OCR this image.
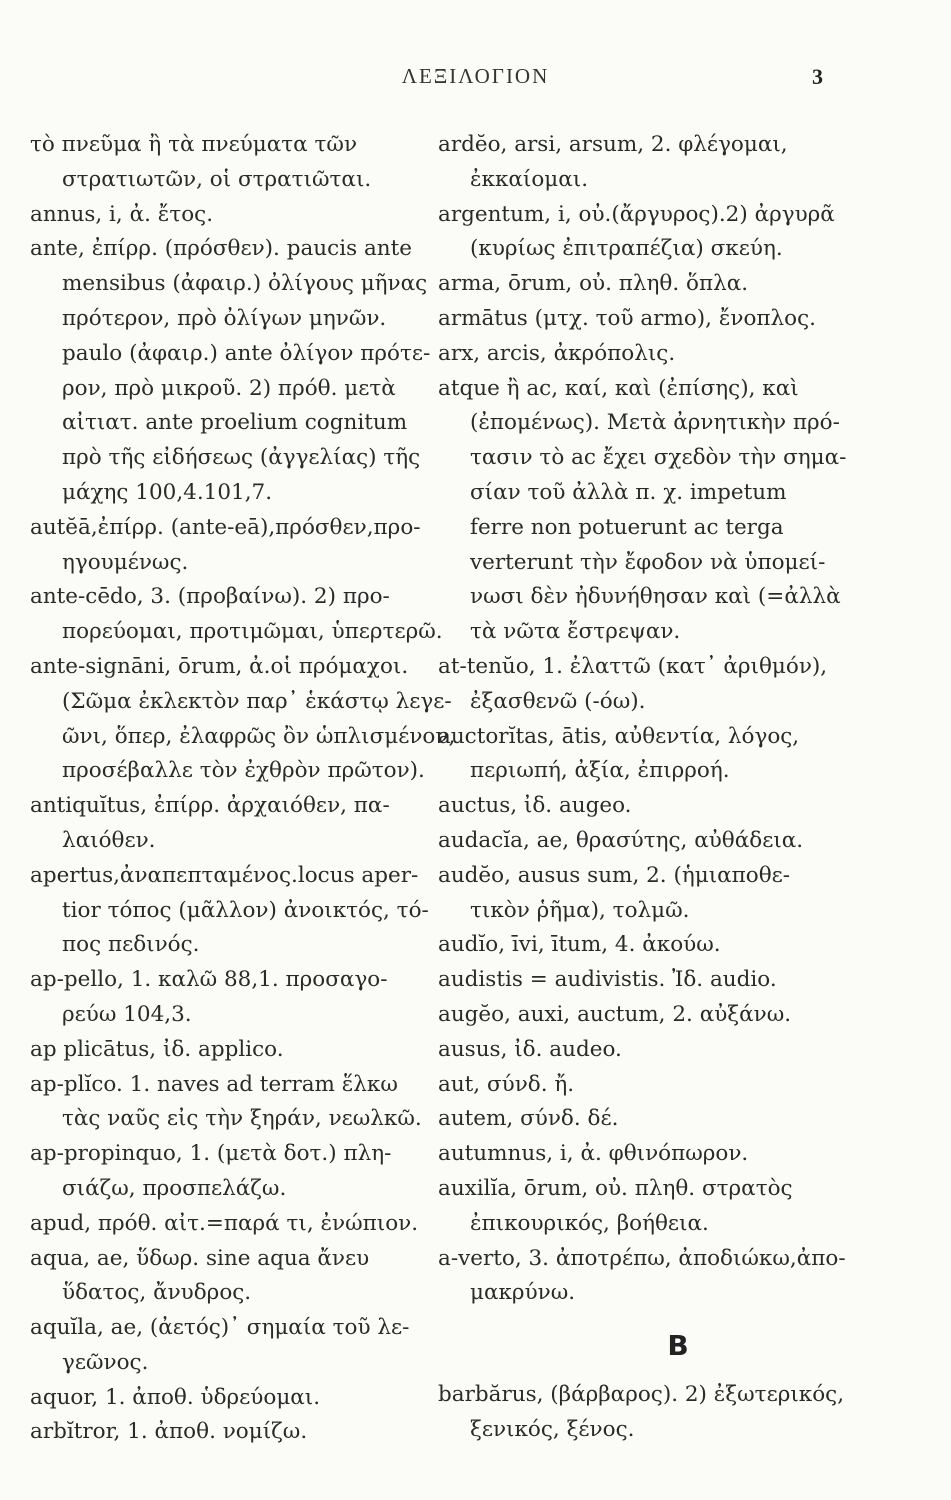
ΛΕΞΙΛΟΓΙΟΝ	3
τὸ πνεῦμα ἢ τὰ πνεύματα τῶν
στρατιωτῶν, οἱ στρατιῶται.
annus, i, ἀ. ἔτος.
ante, ἐπίρρ. (πρόσθεν). paucis ante
mensibus (ἀφαιρ.) ὀλίγους μῆνας
πρότερον, πρὸ ὀλίγων μηνῶν.
paulo (ἀφαιρ.) ante ὀλίγον πρότε-
ρον, πρὸ μικροῦ. 2) πρόθ. μετὰ
αἰτιατ. ante proelium cognitum
πρὸ τῆς εἰδήσεως (ἀγγελίας) τῆς
μάχης 100,4.101,7.
autĕā,ἐπίρρ. (ante-eā),πρόσθεν,προ-
ηγουμένως.
ante-cēdo, 3. (προβαίνω). 2) προ-
πορεύομαι, προτιμῶμαι, ὑπερτερῶ.
ante-signāni, ōrum, ἀ.οἱ πρόμαχοι.
(Σῶμα ἐκλεκτὸν παρ᾽ ἑκάστῳ λεγε-
ῶνι, ὅπερ, ἐλαφρῶς ὂν ὡπλισμένον,
προσέβαλλε τὸν ἐχθρὸν πρῶτον).
antiquĭtus, ἐπίρρ. ἀρχαιόθεν, πα-
λαιόθεν.
apertus,ἀναπεπταμένος.locus aper-
tior τόπος (μᾶλλον) ἀνοικτός, τό-
πος πεδινός.
ap-pello, 1. καλῶ 88,1. προσαγο-
ρεύω 104,3.
ap plicātus, ἰδ. applico.
ap-plĭco. 1. naves ad terram ἕλκω
τὰς ναῦς εἰς τὴν ξηράν, νεωλκῶ.
ap-propinquo, 1. (μετὰ δοτ.) πλη-
σιάζω, προσπελάζω.
apud, πρόθ. αἰτ.=παρά τι, ἐνώπιον.
aqua, ae, ὕδωρ. sine aqua ἄνευ
ὕδατος, ἄνυδρος.
aquĭla, ae, (ἀετός)᾽ σημαία τοῦ λε-
γεῶνος.
aquor, 1. ἀποθ. ὑδρεύομαι.
arbĭtror, 1. ἀποθ. νομίζω.
ardĕo, arsi, arsum, 2. φλέγομαι,
ἐκκαίομαι.
argentum, i, οὐ.(ἄργυρος).2) ἀργυρᾶ
(κυρίως ἐπιτραπέζια) σκεύη.
arma, ōrum, οὐ. πληθ. ὅπλα.
armātus (μτχ. τοῦ armo), ἔνοπλος.
arx, arcis, ἀκρόπολις.
atque ἢ ac, καί, καὶ (ἐπίσης), καὶ
(ἐπομένως). Μετὰ ἀρνητικὴν πρό-
τασιν τὸ ac ἔχει σχεδὸν τὴν σημα-
σίαν τοῦ ἀλλὰ π. χ. impetum
ferre non potuerunt ac terga
verterunt τὴν ἔφοδον νὰ ὑπομεί-
νωσι δὲν ἠδυνήθησαν καὶ (=ἀλλὰ
τὰ νῶτα ἔστρεψαν.
at-tenŭo, 1. ἐλαττῶ (κατ᾽ ἀριθμόν),
ἐξασθενῶ (-όω).
auctorĭtas, ātis, αὐθεντία, λόγος,
περιωπή, ἀξία, ἐπιρροή.
auctus, ἰδ. augeo.
audacĭa, ae, θρασύτης, αὐθάδεια.
audĕo, ausus sum, 2. (ἡμιαποθε-
τικὸν ῥῆμα), τολμῶ.
audĭo, īvi, ītum, 4. ἀκούω.
audistis = audivistis. Ἰδ. audio.
augĕo, auxi, auctum, 2. αὐξάνω.
ausus, ἰδ. audeo.
aut, σύνδ. ἤ.
autem, σύνδ. δέ.
autumnus, i, ἀ. φθινόπωρον.
auxilĭa, ōrum, οὐ. πληθ. στρατὸς
ἐπικουρικός, βοήθεια.
a-verto, 3. ἀποτρέπω, ἀποδιώκω,ἀπο-
μακρύνω.
B
barbărus, (βάρβαρος). 2) ἐξωτερικός,
ξενικός, ξένος.
